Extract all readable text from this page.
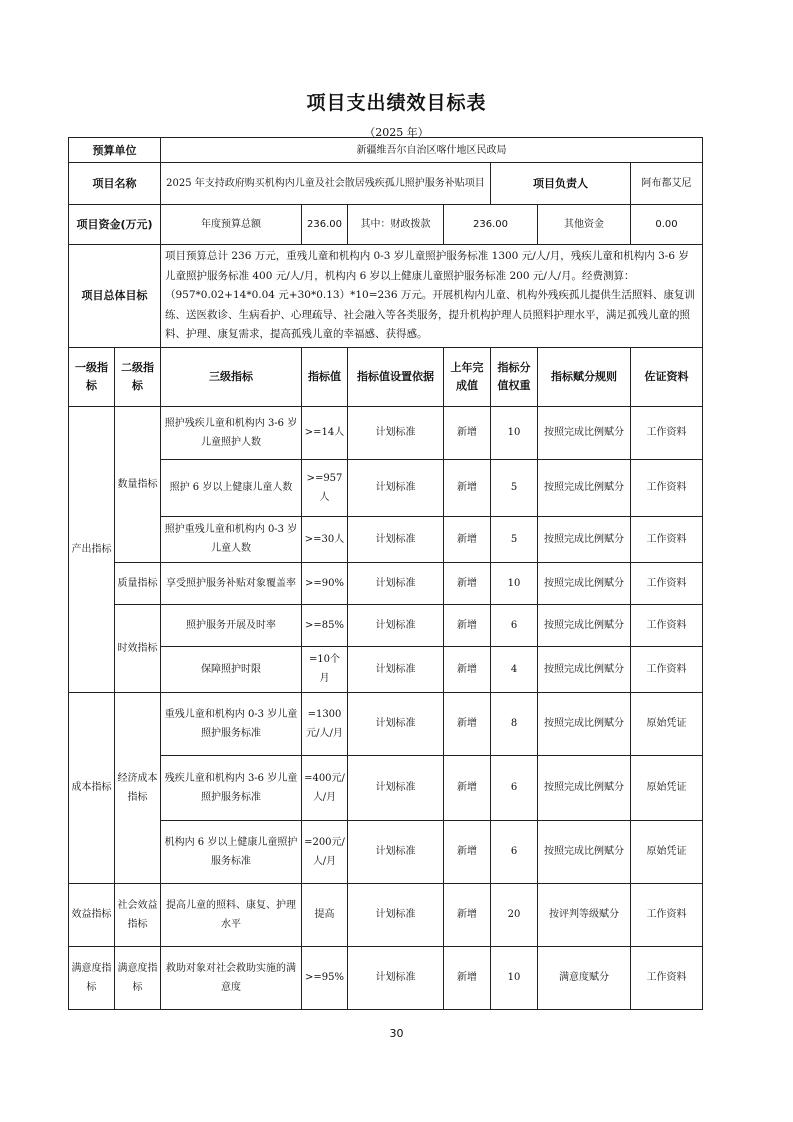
项目支出绩效目标表
（2025 年）
预算单位		新疆维吾尔自治区喀什地区民政局						
项目名称		2025 年支持政府购买机构内儿童及社会散居残疾孤儿照护服务补贴项目				项目负责人		阿布都艾尼
项目资金(万元)		年度预算总额	236.00	其中：财政拨款	236.00		其他资金	0.00
项目总体目标		项目预算总计 236 万元，重残儿童和机构内 0-3 岁儿童照护服务标准 1300 元/人/月，残疾儿童和机构内 3-6 岁儿童照护服务标准 400 元/人/月，机构内 6 岁以上健康儿童照护服务标准 200 元/人/月。经费测算：（957*0.02+14*0.04 元+30*0.13）*10=236 万元。开展机构内儿童、机构外残疾孤儿提供生活照料、康复训练、送医救诊、生病看护、心理疏导、社会融入等各类服务，提升机构护理人员照料护理水平，满足孤残儿童的照料、护理、康复需求，提高孤残儿童的幸福感、获得感。						
一级指标	二级指标	三级指标	指标值	指标值设置依据	上年完成值	指标分值权重	指标赋分规则	佐证资料
产出指标	数量指标	照护残疾儿童和机构内 3-6 岁儿童照护人数	>=14人	计划标准	新增	10	按照完成比例赋分	工作资料
		照护 6 岁以上健康儿童人数	>=957人	计划标准	新增	5	按照完成比例赋分	工作资料
		照护重残儿童和机构内 0-3 岁儿童人数	>=30人	计划标准	新增	5	按照完成比例赋分	工作资料
	质量指标	享受照护服务补贴对象覆盖率	>=90%	计划标准	新增	10	按照完成比例赋分	工作资料
	时效指标	照护服务开展及时率	>=85%	计划标准	新增	6	按照完成比例赋分	工作资料
		保障照护时限	=10个月	计划标准	新增	4	按照完成比例赋分	工作资料
成本指标	经济成本指标	重残儿童和机构内 0-3 岁儿童照护服务标准	=1300元/人/月	计划标准	新增	8	按照完成比例赋分	原始凭证
		残疾儿童和机构内 3-6 岁儿童照护服务标准	=400元/人/月	计划标准	新增	6	按照完成比例赋分	原始凭证
		机构内 6 岁以上健康儿童照护服务标准	=200元/人/月	计划标准	新增	6	按照完成比例赋分	原始凭证
效益指标	社会效益指标	提高儿童的照料、康复、护理水平	提高	计划标准	新增	20	按评判等级赋分	工作资料
满意度指标	满意度指标	救助对象对社会救助实施的满意度	>=95%	计划标准	新增	10	满意度赋分	工作资料
30
